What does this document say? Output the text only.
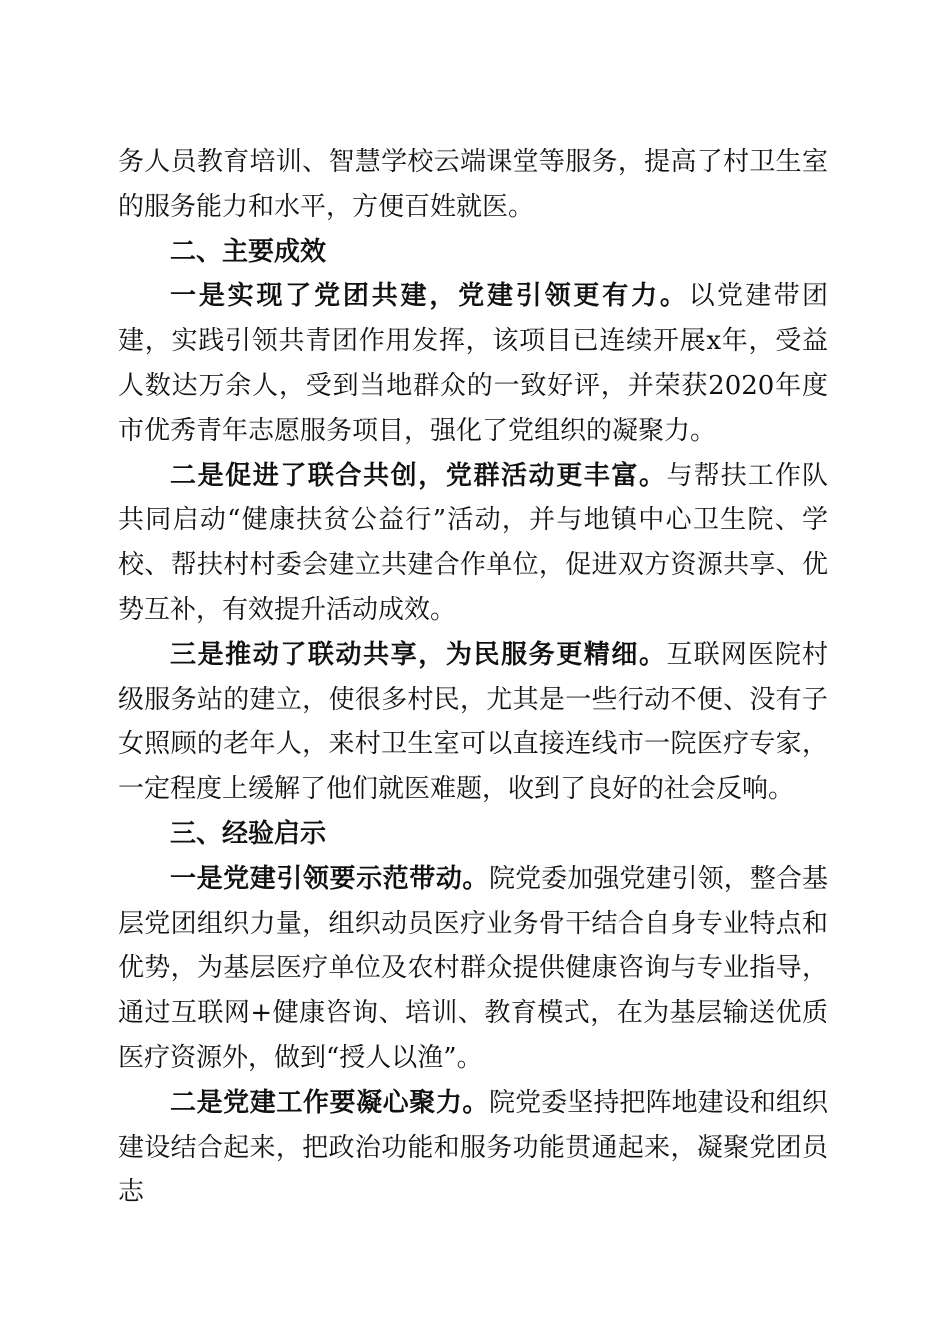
务人员教育培训、智慧学校云端课堂等服务，提高了村卫生室的服务能力和水平，方便百姓就医。

二、主要成效

一是实现了党团共建，党建引领更有力。以党建带团建，实践引领共青团作用发挥，该项目已连续开展x年，受益人数达万余人，受到当地群众的一致好评，并荣获2020年度市优秀青年志愿服务项目，强化了党组织的凝聚力。

二是促进了联合共创，党群活动更丰富。与帮扶工作队共同启动“健康扶贫公益行”活动，并与地镇中心卫生院、学校、帮扶村村委会建立共建合作单位，促进双方资源共享、优势互补，有效提升活动成效。

三是推动了联动共享，为民服务更精细。互联网医院村级服务站的建立，使很多村民，尤其是一些行动不便、没有子女照顾的老年人，来村卫生室可以直接连线市一院医疗专家，一定程度上缓解了他们就医难题，收到了良好的社会反响。

三、经验启示

一是党建引领要示范带动。院党委加强党建引领，整合基层党团组织力量，组织动员医疗业务骨干结合自身专业特点和优势，为基层医疗单位及农村群众提供健康咨询与专业指导，通过互联网+健康咨询、培训、教育模式，在为基层输送优质医疗资源外，做到“授人以渔”。

二是党建工作要凝心聚力。院党委坚持把阵地建设和组织建设结合起来，把政治功能和服务功能贯通起来，凝聚党团员志
